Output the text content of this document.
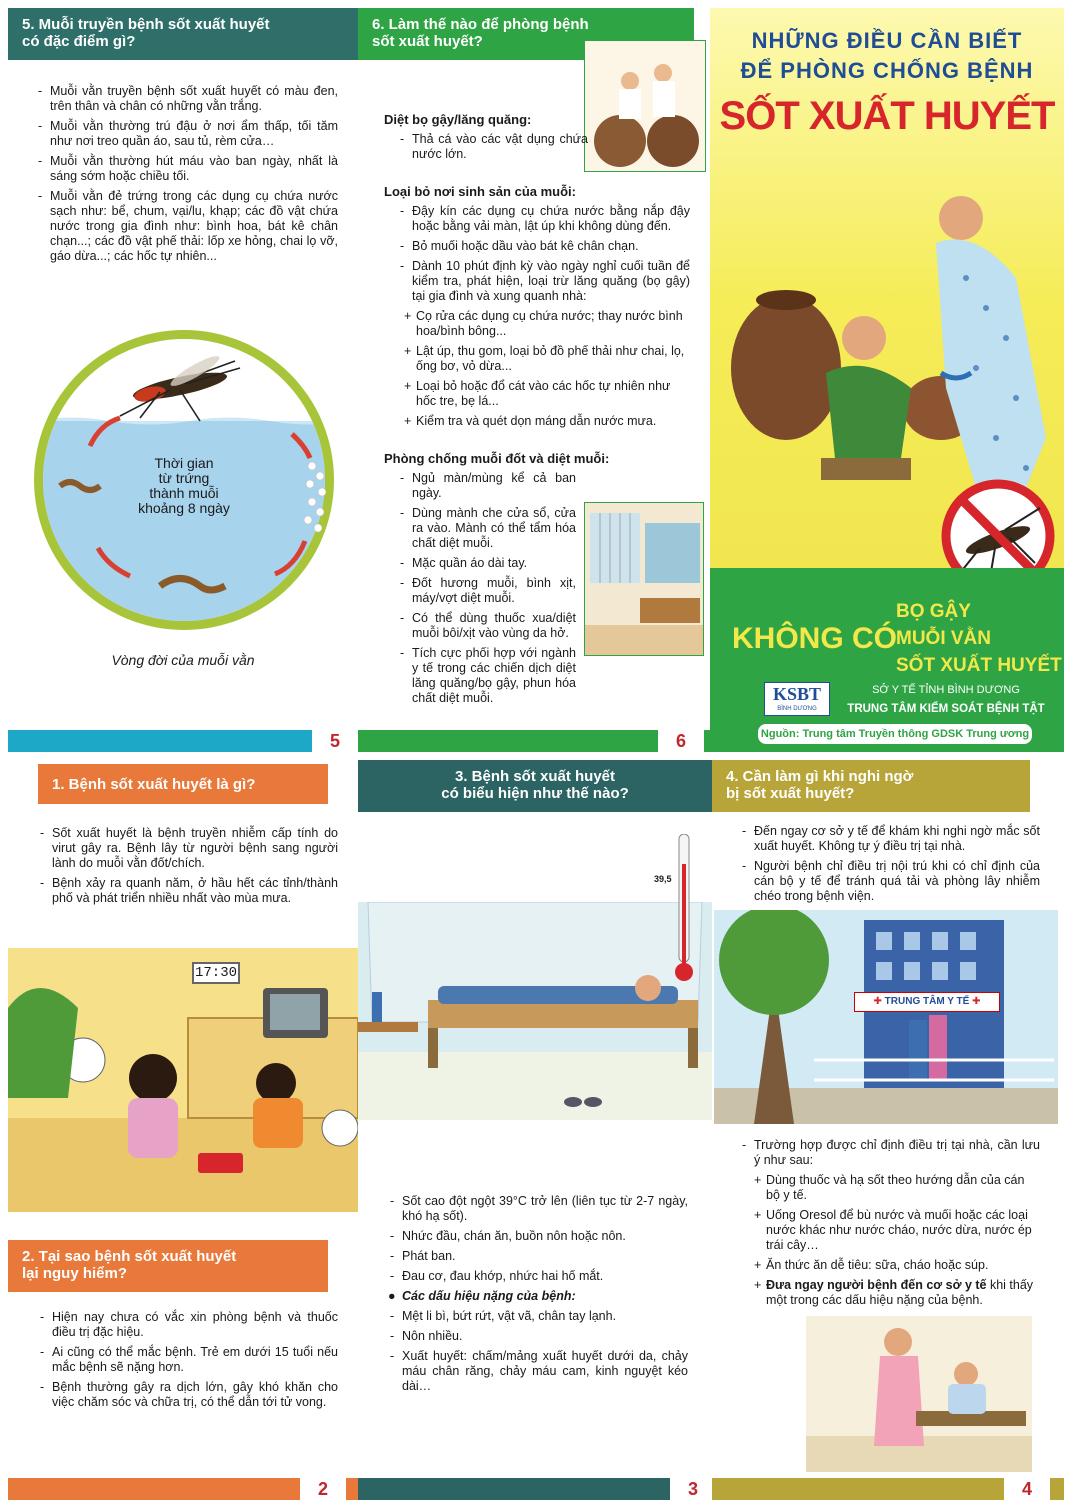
5. Muỗi truyền bệnh sốt xuất huyết
có đặc điểm gì?
- Muỗi vằn truyền bệnh sốt xuất huyết có màu đen, trên thân và chân có những vằn trắng.
- Muỗi vằn thường trú đậu ở nơi ẩm thấp, tối tăm như nơi treo quần áo, sau tủ, rèm cửa…
- Muỗi vằn thường hút máu vào ban ngày, nhất là sáng sớm hoặc chiều tối.
- Muỗi vằn đẻ trứng trong các dụng cụ chứa nước sạch như: bể, chum, vại/lu, khạp; các đồ vật chứa nước trong gia đình như: bình hoa, bát kê chân chạn...; các đồ vật phế thải: lốp xe hỏng, chai lọ vỡ, gáo dừa...; các hốc tự nhiên...
Thời gian
từ trứng
thành muỗi
khoảng 8 ngày
Vòng đời của muỗi vằn
5
6. Làm thế nào để phòng bệnh
sốt xuất huyết?
Diệt bọ gậy/lăng quăng:
- Thả cá vào các vật dụng chứa nước lớn.
Loại bỏ nơi sinh sản của muỗi:
- Đậy kín các dụng cụ chứa nước bằng nắp đậy hoặc bằng vải màn, lật úp khi không dùng đến.
- Bỏ muối hoặc dầu vào bát kê chân chạn.
- Dành 10 phút định kỳ vào ngày nghỉ cuối tuần để kiểm tra, phát hiện, loại trừ lăng quăng (bọ gậy) tại gia đình và xung quanh nhà:
+ Cọ rửa các dụng cụ chứa nước; thay nước bình hoa/bình bông...
+ Lật úp, thu gom, loại bỏ đồ phế thải như chai, lọ, ống bơ, vỏ dừa...
+ Loại bỏ hoặc đổ cát vào các hốc tự nhiên như hốc tre, bẹ lá...
+ Kiểm tra và quét dọn máng dẫn nước mưa.
Phòng chống muỗi đốt và diệt muỗi:
- Ngủ màn/mùng kể cả ban ngày.
- Dùng mành che cửa sổ, cửa ra vào. Mành có thể tẩm hóa chất diệt muỗi.
- Mặc quần áo dài tay.
- Đốt hương muỗi, bình xịt, máy/vợt diệt muỗi.
- Có thể dùng thuốc xua/diệt muỗi bôi/xịt vào vùng da hở.
- Tích cực phối hợp với ngành y tế trong các chiến dịch diệt lăng quăng/bọ gậy, phun hóa chất diệt muỗi.
6
NHỮNG ĐIỀU CẦN BIẾT
ĐỂ PHÒNG CHỐNG BỆNH
SỐT XUẤT HUYẾT
KHÔNG CÓ
BỌ GẬY
MUỖI VẰN
SỐT XUẤT HUYẾT
KSBT
BÌNH DƯƠNG
SỞ Y TẾ TỈNH BÌNH DƯƠNG
TRUNG TÂM KIỂM SOÁT BỆNH TẬT
Nguồn: Trung tâm Truyền thông GDSK Trung ương
1. Bệnh sốt xuất huyết là gì?
- Sốt xuất huyết là bệnh truyền nhiễm cấp tính do virut gây ra. Bệnh lây từ người bệnh sang người lành do muỗi vằn đốt/chích.
- Bệnh xảy ra quanh năm, ở hầu hết các tỉnh/thành phố và phát triển nhiều nhất vào mùa mưa.
17:30
2. Tại sao bệnh sốt xuất huyết
lại nguy hiểm?
- Hiện nay chưa có vắc xin phòng bệnh và thuốc điều trị đặc hiệu.
- Ai cũng có thể mắc bệnh. Trẻ em dưới 15 tuổi nếu mắc bệnh sẽ nặng hơn.
- Bệnh thường gây ra dịch lớn, gây khó khăn cho việc chăm sóc và chữa trị, có thể dẫn tới tử vong.
2
3. Bệnh sốt xuất huyết
có biểu hiện như thế nào?
39,5
- Sốt cao đột ngột 39°C trở lên (liên tục từ 2-7 ngày, khó hạ sốt).
- Nhức đầu, chán ăn, buồn nôn hoặc nôn.
- Phát ban.
- Đau cơ, đau khớp, nhức hai hố mắt.
● Các dấu hiệu nặng của bệnh:
- Mệt li bì, bứt rứt, vật vã, chân tay lạnh.
- Nôn nhiều.
- Xuất huyết: chấm/mảng xuất huyết dưới da, chảy máu chân răng, chảy máu cam, kinh nguyệt kéo dài…
3
4. Cần làm gì khi nghi ngờ
bị sốt xuất huyết?
- Đến ngay cơ sở y tế để khám khi nghi ngờ mắc sốt xuất huyết. Không tự ý điều trị tại nhà.
- Người bệnh chỉ điều trị nội trú khi có chỉ định của cán bộ y tế để tránh quá tải và phòng lây nhiễm chéo trong bệnh viện.
✚ TRUNG TÂM Y TẾ ✚
- Trường hợp được chỉ định điều trị tại nhà, cần lưu ý như sau:
+ Dùng thuốc và hạ sốt theo hướng dẫn của cán bộ y tế.
+ Uống Oresol để bù nước và muối hoặc các loại nước khác như nước cháo, nước dừa, nước ép trái cây…
+ Ăn thức ăn dễ tiêu: sữa, cháo hoặc súp.
+ Đưa ngay người bệnh đến cơ sở y tế khi thấy một trong các dấu hiệu nặng của bệnh.
4
